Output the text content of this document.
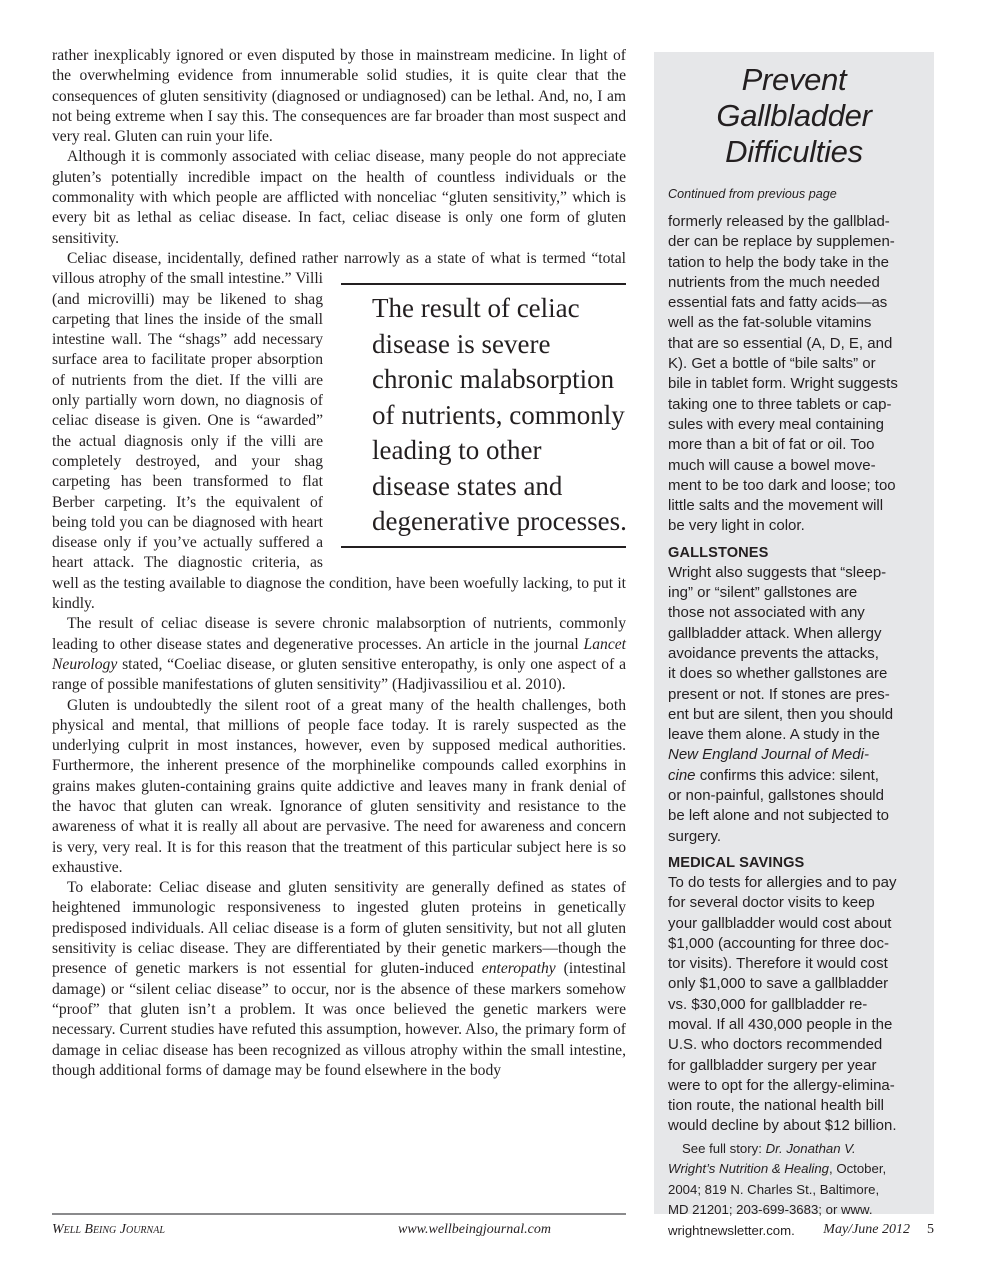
rather inexplicably ignored or even disputed by those in mainstream medicine. In light of the overwhelming evidence from innumerable solid studies, it is quite clear that the consequences of gluten sensitivity (diagnosed or undiagnosed) can be lethal. And, no, I am not being extreme when I say this. The consequences are far broader than most suspect and very real. Gluten can ruin your life.

Although it is commonly associated with celiac disease, many people do not appreciate gluten’s potentially incredible impact on the health of countless individuals or the commonality with which people are afflicted with nonceliac “gluten sensitivity,” which is every bit as lethal as celiac disease. In fact, celiac disease is only one form of gluten sensitivity.

Celiac disease, incidentally, defined rather narrowly as a state of what is
The result of celiac
disease is severe
chronic malabsorption
of nutrients, commonly
leading to other
disease states and
degenerative processes.
termed “total villous atrophy of the small intestine.” Villi (and microvilli) may be likened to shag carpeting that lines the inside of the small intestine wall. The “shags” add necessary surface area to facilitate proper absorption of nutrients from the diet. If the villi are only partially worn down, no diagnosis of celiac disease is given. One is “awarded” the actual diagnosis only if the villi are completely destroyed, and your shag carpeting has been transformed to flat Berber carpeting. It’s the equivalent of being told you can be diagnosed with heart disease only if you’ve actually suffered a heart attack. The diagnostic criteria, as well as the testing available to diagnose the condition, have been woefully lacking, to put it kindly.

The result of celiac disease is severe chronic malabsorption of nutrients, commonly leading to other disease states and degenerative processes. An article in the journal Lancet Neurology stated, “Coeliac disease, or gluten sensitive enteropathy, is only one aspect of a range of possible manifestations of gluten sensitivity” (Hadjivassiliou et al. 2010).

Gluten is undoubtedly the silent root of a great many of the health challenges, both physical and mental, that millions of people face today. It is rarely suspected as the underlying culprit in most instances, however, even by supposed medical authorities. Furthermore, the inherent presence of the morphinelike compounds called exorphins in grains makes gluten-containing grains quite addictive and leaves many in frank denial of the havoc that gluten can wreak. Ignorance of gluten sensitivity and resistance to the awareness of what it is really all about are pervasive. The need for awareness and concern is very, very real. It is for this reason that the treatment of this particular subject here is so exhaustive.

To elaborate: Celiac disease and gluten sensitivity are generally defined as states of heightened immunologic responsiveness to ingested gluten proteins in genetically predisposed individuals. All celiac disease is a form of gluten sensitivity, but not all gluten sensitivity is celiac disease. They are differentiated by their genetic markers—though the presence of genetic markers is not essential for gluten-induced enteropathy (intestinal damage) or “silent celiac disease” to occur, nor is the absence of these markers somehow “proof” that gluten isn’t a problem. It was once believed the genetic markers were necessary. Current studies have refuted this assumption, however. Also, the primary form of damage in celiac disease has been recognized as villous atrophy within the small intestine, though additional forms of damage may be found elsewhere in the body

Prevent Gallbladder
Difficulties
Continued from previous page
formerly released by the gallblad-
der can be replace by supplemen-
tation to help the body take in the
nutrients from the much needed
essential fats and fatty acids—as
well as the fat-soluble vitamins
that are so essential (A, D, E, and
K). Get a bottle of “bile salts” or
bile in tablet form. Wright suggests
taking one to three tablets or cap-
sules with every meal containing
more than a bit of fat or oil. Too
much will cause a bowel move-
ment to be too dark and loose; too
little salts and the movement will
be very light in color.
GALLSTONES
Wright also suggests that “sleep-
ing” or “silent” gallstones are
those not associated with any
gallbladder attack. When allergy
avoidance prevents the attacks,
it does so whether gallstones are
present or not. If stones are pres-
ent but are silent, then you should
leave them alone. A study in the
New England Journal of Medi-
cine confirms this advice: silent,
or non-painful, gallstones should
be left alone and not subjected to
surgery.
MEDICAL SAVINGS
To do tests for allergies and to pay
for several doctor visits to keep
your gallbladder would cost about
$1,000 (accounting for three doc-
tor visits). Therefore it would cost
only $1,000 to save a gallbladder
vs. $30,000 for gallbladder re-
moval. If all 430,000 people in the
U.S. who doctors recommended
for gallbladder surgery per year
were to opt for the allergy-elimina-
tion route, the national health bill
would decline by about $12 billion.
See full story: Dr. Jonathan V.
Wright’s Nutrition & Healing, October,
2004; 819 N. Charles St., Baltimore,
MD 21201; 203-699-3683; or www.
wrightnewsletter.com.
Well Being Journal	www.wellbeingjournal.com	May/June 2012 5
